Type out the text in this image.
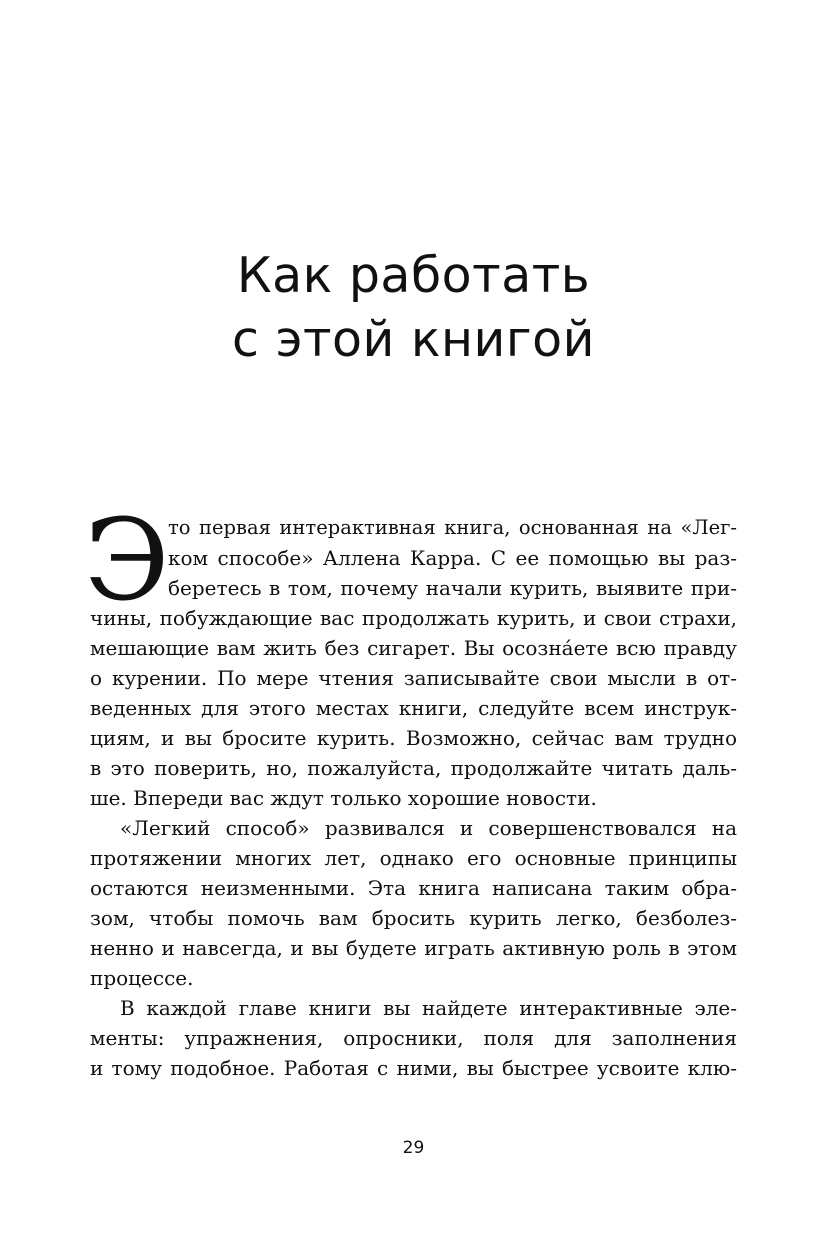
Как работать
с этой книгой
Э
то первая интерактивная книга, основанная на «Лег-
ком способе» Аллена Карра. С ее помощью вы раз-
беретесь в том, почему начали курить, выявите при-
чины, побуждающие вас продолжать курить, и свои страхи,
мешающие вам жить без сигарет. Вы осозна́ете всю правду
о курении. По мере чтения записывайте свои мысли в от-
веденных для этого местах книги, следуйте всем инструк-
циям, и вы бросите курить. Возможно, сейчас вам трудно
в это поверить, но, пожалуйста, продолжайте читать даль-
ше. Впереди вас ждут только хорошие новости.
«Легкий способ» развивался и совершенствовался на
протяжении многих лет, однако его основные принципы
остаются неизменными. Эта книга написана таким обра-
зом, чтобы помочь вам бросить курить легко, безболез-
ненно и навсегда, и вы будете играть активную роль в этом
процессе.
В каждой главе книги вы найдете интерактивные эле-
менты: упражнения, опросники, поля для заполнения
и тому подобное. Работая с ними, вы быстрее усвоите клю-
29
